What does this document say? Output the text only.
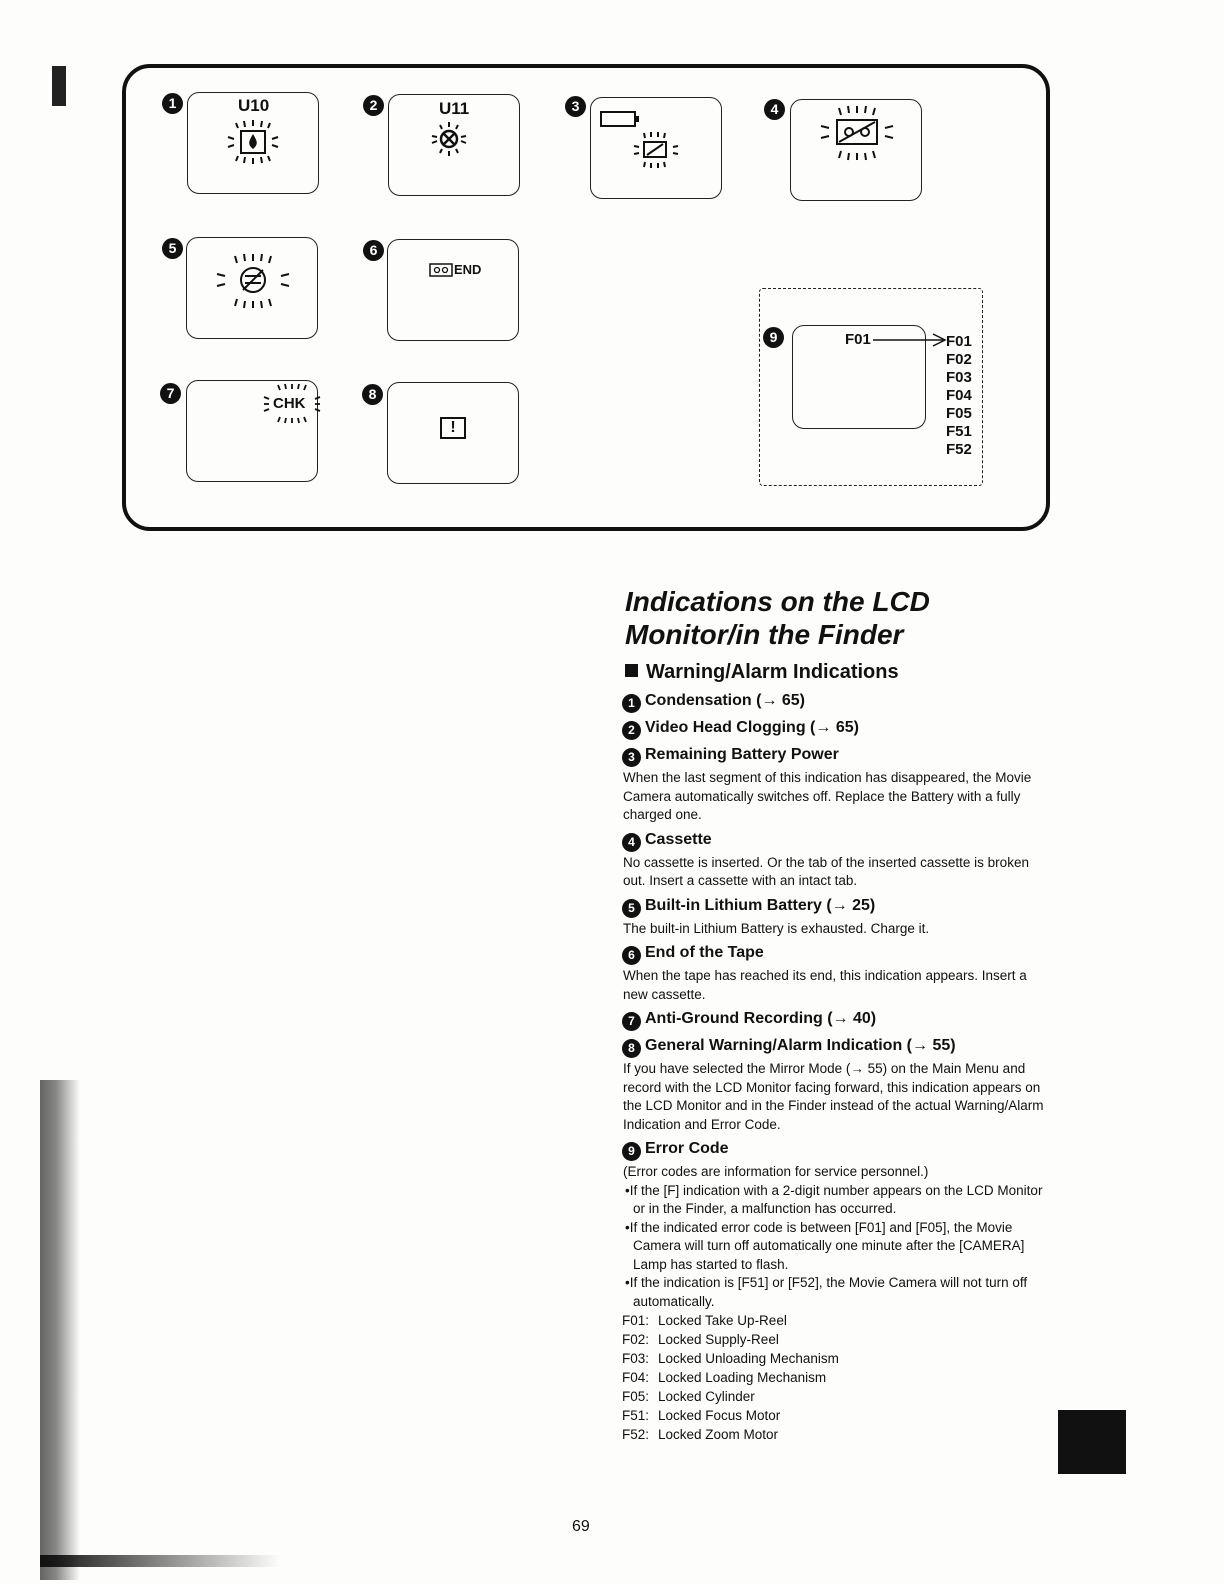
1	U10	2	U11	3	4
5	6
END
7
CHK
8
!
9	F01	F01
F02
F03
F04
F05
F51
F52
Indications on the LCD
Monitor/in the Finder
Warning/Alarm Indications
1 Condensation (→ 65)
2 Video Head Clogging (→ 65)
3 Remaining Battery Power
When the last segment of this indication has disappeared, the Movie Camera automatically switches off. Replace the Battery with a fully charged one.
4 Cassette
No cassette is inserted. Or the tab of the inserted cassette is broken out. Insert a cassette with an intact tab.
5 Built-in Lithium Battery (→ 25)
The built-in Lithium Battery is exhausted. Charge it.
6 End of the Tape
When the tape has reached its end, this indication appears. Insert a new cassette.
7 Anti-Ground Recording (→ 40)
8 General Warning/Alarm Indication (→ 55)
If you have selected the Mirror Mode (→ 55) on the Main Menu and record with the LCD Monitor facing forward, this indication appears on the LCD Monitor and in the Finder instead of the actual Warning/Alarm Indication and Error Code.
9 Error Code
(Error codes are information for service personnel.)
•If the [F] indication with a 2-digit number appears on the LCD Monitor or in the Finder, a malfunction has occurred.
•If the indicated error code is between [F01] and [F05], the Movie Camera will turn off automatically one minute after the [CAMERA] Lamp has started to flash.
•If the indication is [F51] or [F52], the Movie Camera will not turn off automatically.
F01: Locked Take Up-Reel
F02: Locked Supply-Reel
F03: Locked Unloading Mechanism
F04: Locked Loading Mechanism
F05: Locked Cylinder
F51: Locked Focus Motor
F52: Locked Zoom Motor
69
